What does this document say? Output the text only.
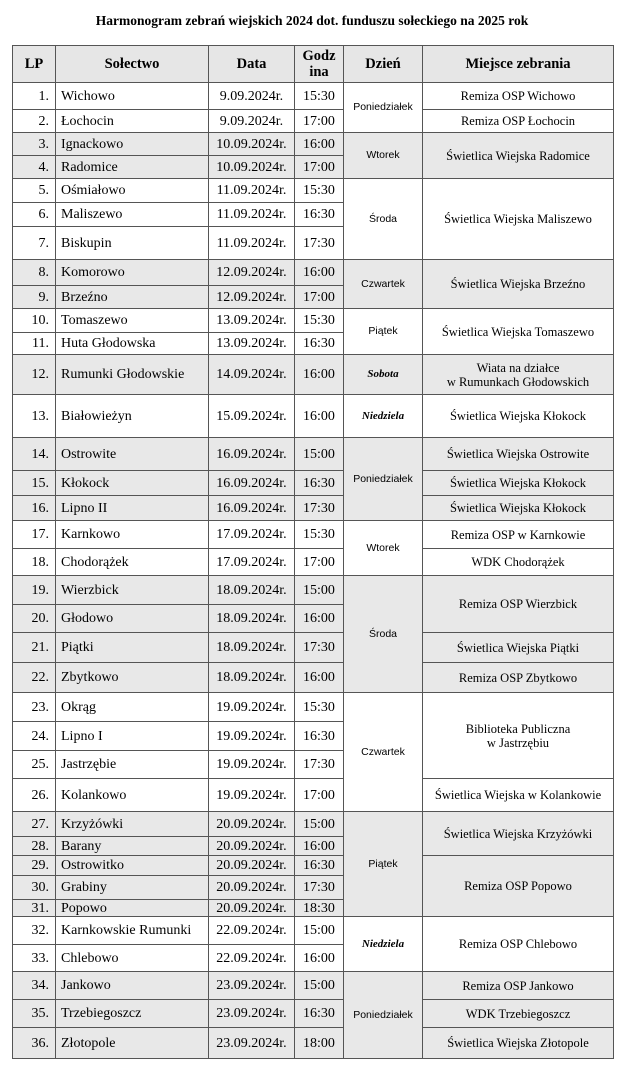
Harmonogram zebrań wiejskich 2024 dot. funduszu sołeckiego na 2025 rok
LP	Sołectwo	Data	Godz ina	Dzień	Miejsce zebrania
1.	Wichowo	9.09.2024r.	15:30	Poniedziałek	Remiza OSP Wichowo

2.	Łochocin	9.09.2024r.	17:00		Remiza OSP Łochocin

3.	Ignackowo	10.09.2024r.	16:00	Wtorek	Świetlica Wiejska Radomice

4.	Radomice	10.09.2024r.	17:00		
5.	Ośmiałowo	11.09.2024r.	15:30	Środa	Świetlica Wiejska Maliszewo

6.	Maliszewo	11.09.2024r.	16:30		
7.	Biskupin	11.09.2024r.	17:30		
8.	Komorowo	12.09.2024r.	16:00	Czwartek	Świetlica Wiejska Brzeźno

9.	Brzeźno	12.09.2024r.	17:00		
10.	Tomaszewo	13.09.2024r.	15:30	Piątek	Świetlica Wiejska Tomaszewo

11.	Huta Głodowska	13.09.2024r.	16:30		
12.	Rumunki Głodowskie	14.09.2024r.	16:00	Sobota	Wiata na działce
w Rumunkach Głodowskich

13.	Białowieżyn	15.09.2024r.	16:00	Niedziela	Świetlica Wiejska Kłokock

14.	Ostrowite	16.09.2024r.	15:00	Poniedziałek	Świetlica Wiejska Ostrowite

15.	Kłokock	16.09.2024r.	16:30		Świetlica Wiejska Kłokock

16.	Lipno II	16.09.2024r.	17:30		Świetlica Wiejska Kłokock

17.	Karnkowo	17.09.2024r.	15:30	Wtorek	Remiza OSP w Karnkowie

18.	Chodorążek	17.09.2024r.	17:00		WDK Chodorążek

19.	Wierzbick	18.09.2024r.	15:00	Środa	Remiza OSP Wierzbick

20.	Głodowo	18.09.2024r.	16:00		
21.	Piątki	18.09.2024r.	17:30		Świetlica Wiejska Piątki

22.	Zbytkowo	18.09.2024r.	16:00		Remiza OSP Zbytkowo

23.	Okrąg	19.09.2024r.	15:30	Czwartek	Biblioteka Publiczna
w Jastrzębiu

24.	Lipno I	19.09.2024r.	16:30		
25.	Jastrzębie	19.09.2024r.	17:30		
26.	Kolankowo	19.09.2024r.	17:00		Świetlica Wiejska w Kolankowie

27.	Krzyżówki	20.09.2024r.	15:00	Piątek	Świetlica Wiejska Krzyżówki

28.	Barany	20.09.2024r.	16:00		
29.	Ostrowitko	20.09.2024r.	16:30		Remiza OSP Popowo

30.	Grabiny	20.09.2024r.	17:30		
31.	Popowo	20.09.2024r.	18:30		
32.	Karnkowskie Rumunki	22.09.2024r.	15:00	Niedziela	Remiza OSP Chlebowo

33.	Chlebowo	22.09.2024r.	16:00		
34.	Jankowo	23.09.2024r.	15:00	Poniedziałek	Remiza OSP Jankowo

35.	Trzebiegoszcz	23.09.2024r.	16:30		WDK Trzebiegoszcz

36.	Złotopole	23.09.2024r.	18:00		Świetlica Wiejska Złotopole
